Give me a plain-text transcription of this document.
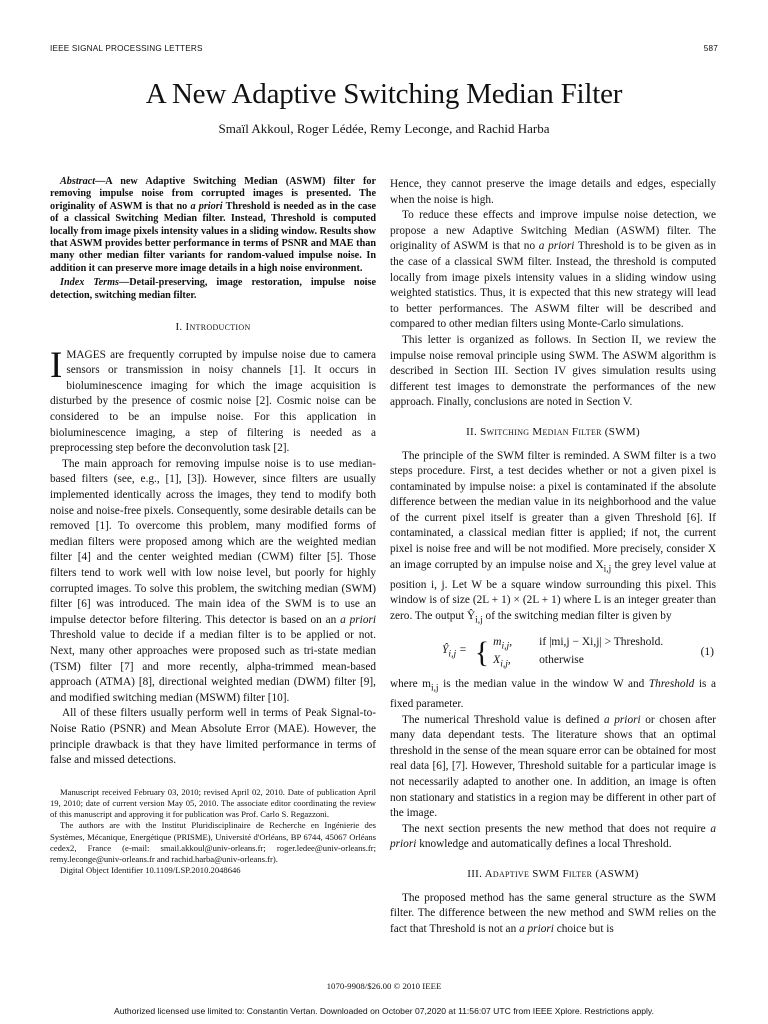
IEEE SIGNAL PROCESSING LETTERS	587
A New Adaptive Switching Median Filter
Smaïl Akkoul, Roger Lédée, Remy Leconge, and Rachid Harba

Abstract—A new Adaptive Switching Median (ASWM) filter for removing impulse noise from corrupted images is presented. The originality of ASWM is that no a priori Threshold is needed as in the case of a classical Switching Median filter. Instead, Threshold is computed locally from image pixels intensity values in a sliding window. Results show that ASWM provides better performance in terms of PSNR and MAE than many other median filter variants for random-valued impulse noise. In addition it can preserve more image details in a high noise environment.

Index Terms—Detail-preserving, image restoration, impulse noise detection, switching median filter.

I. Introduction

IMAGES are frequently corrupted by impulse noise due to camera sensors or transmission in noisy channels [1]. It occurs in bioluminescence imaging for which the image acquisition is disturbed by the presence of cosmic noise [2]. Cosmic noise can be considered to be an impulse noise. For this application in bioluminescence imaging, a step of filtering is needed as a preprocessing step before the deconvolution task [2].

The main approach for removing impulse noise is to use median-based filters (see, e.g., [1], [3]). However, since filters are usually implemented identically across the images, they tend to modify both noise and noise-free pixels. Consequently, some desirable details can be removed [1]. To overcome this problem, many modified forms of median filters were proposed among which are the weighted median filter [4] and the center weighted median (CWM) filter [5]. Those filters tend to work well with low noise level, but poorly for highly corrupted images. To solve this problem, the switching median (SWM) filter [6] was introduced. The main idea of the SWM is to use an impulse detector before filtering. This detector is based on an a priori Threshold value to decide if a median filter is to be applied or not. Next, many other approaches were proposed such as tri-state median (TSM) filter [7] and more recently, alpha-trimmed mean-based approach (ATMA) [8], directional weighted median (DWM) filter [9], and modified switching median (MSWM) filter [10].

All of these filters usually perform well in terms of Peak Signal-to-Noise Ratio (PSNR) and Mean Absolute Error (MAE). However, the principle drawback is that they have limited performance in terms of false and missed detections.

Manuscript received February 03, 2010; revised April 02, 2010. Date of publication April 19, 2010; date of current version May 05, 2010. The associate editor coordinating the review of this manuscript and approving it for publication was Prof. Carlo S. Regazzoni.

The authors are with the Institut Pluridisciplinaire de Recherche en Ingénierie des Systèmes, Mécanique, Energétique (PRISME), Université d'Orléans, BP 6744, 45067 Orléans cedex2, France (e-mail: smail.akkoul@univ-orleans.fr; roger.ledee@univ-orleans.fr; remy.leconge@univ-orleans.fr and rachid.harba@univ-orleans.fr).

Digital Object Identifier 10.1109/LSP.2010.2048646

Hence, they cannot preserve the image details and edges, especially when the noise is high.

To reduce these effects and improve impulse noise detection, we propose a new Adaptive Switching Median (ASWM) filter. The originality of ASWM is that no a priori Threshold is to be given as in the case of a classical SWM filter. Instead, the threshold is computed locally from image pixels intensity values in a sliding window using weighted statistics. Thus, it is expected that this new strategy will lead to better performances. The ASWM filter will be described and compared to other median filters using Monte-Carlo simulations.

This letter is organized as follows. In Section II, we review the impulse noise removal principle using SWM. The ASWM algorithm is described in Section III. Section IV gives simulation results using different test images to demonstrate the performances of the new approach. Finally, conclusions are noted in Section V.

II. Switching Median Filter (SWM)

The principle of the SWM filter is reminded. A SWM filter is a two steps procedure. First, a test decides whether or not a given pixel is contaminated by impulse noise: a pixel is contaminated if the absolute difference between the median value in its neighborhood and the value of the current pixel itself is greater than a given Threshold [6]. If contaminated, a classical median fitter is applied; if not, the current pixel is noise free and will be not modified. More precisely, consider X an image corrupted by an impulse noise and $X_{i,j}$ the grey level value at position i, j. Let W be a square window surrounding this pixel. This window is of size (2L + 1) × (2L + 1) where L is an integer greater than zero. The output $Ŷ_{i,j}$ of the switching median filter is given by

$Ŷ_{i,j}$ = { $m_{i,j}$,	if |mi,j − Xi,j| > Threshold.
$X_{i,j}$,	otherwise
(1)

where $m_{i,j}$ is the median value in the window W and Threshold is a fixed parameter.

The numerical Threshold value is defined a priori or chosen after many data dependant tests. The literature shows that an optimal threshold in the sense of the mean square error can be obtained for most real data [6], [7]. However, Threshold suitable for a particular image is not necessarily adapted to another one. In addition, an image is often non stationary and statistics in a region may be different in other part of the image.

The next section presents the new method that does not require a priori knowledge and automatically defines a local Threshold.

III. Adaptive SWM Filter (ASWM)

The proposed method has the same general structure as the SWM filter. The difference between the new method and SWM relies on the fact that Threshold is not an a priori choice but is

1070-9908/$26.00 © 2010 IEEE
Authorized licensed use limited to: Constantin Vertan. Downloaded on October 07,2020 at 11:56:07 UTC from IEEE Xplore. Restrictions apply.
